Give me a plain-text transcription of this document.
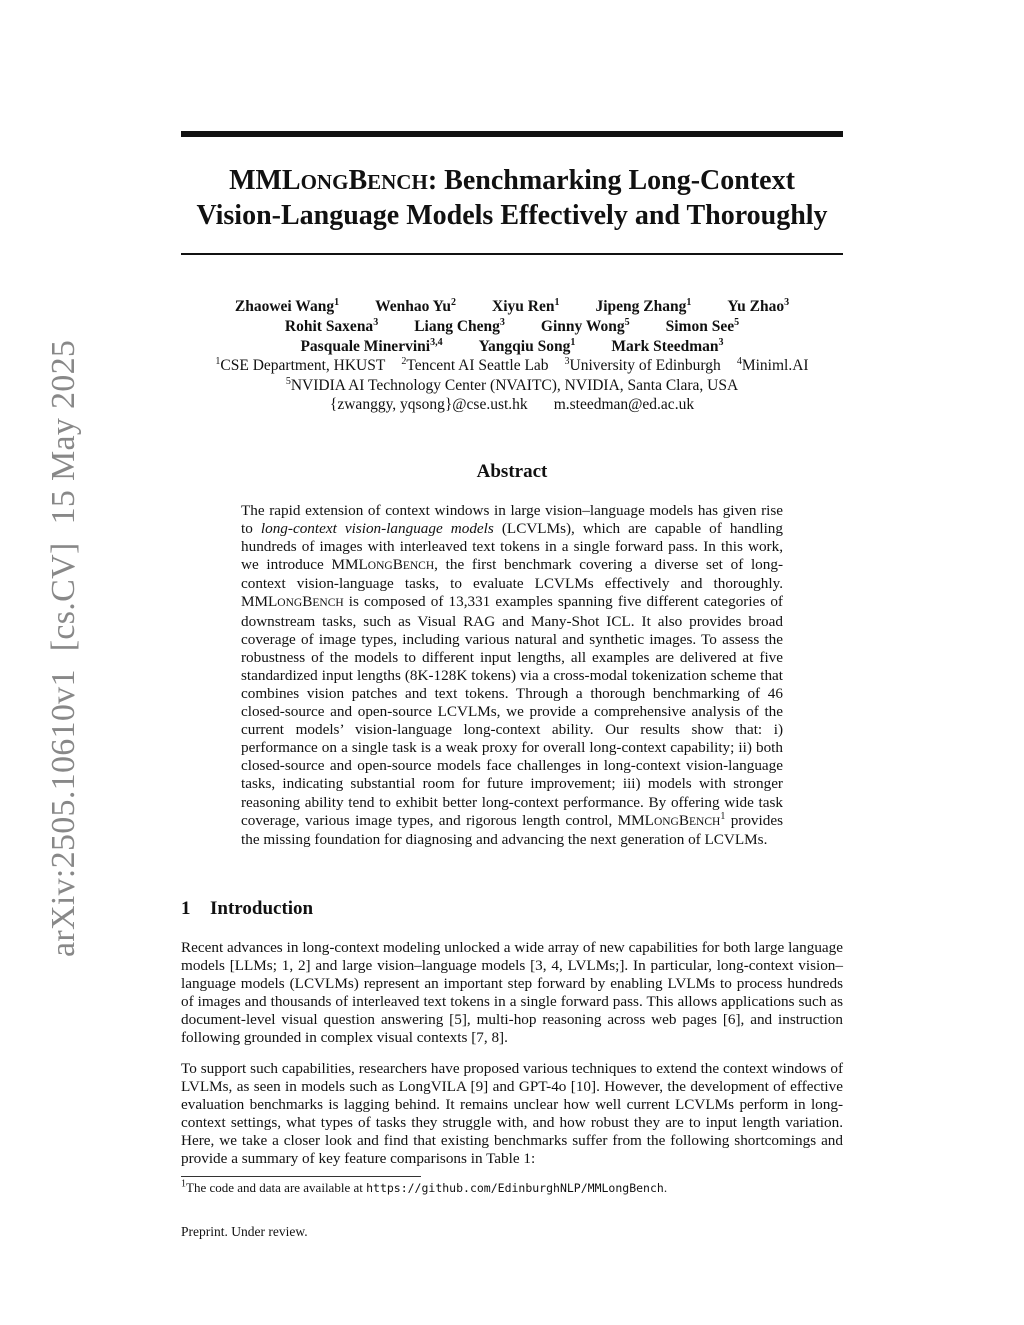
arXiv:2505.10610v1[cs.CV]15 May 2025
MMLONGBENCH: Benchmarking Long-Context
Vision-Language Models Effectively and Thoroughly
Zhaowei Wang$^1$ Wenhao Yu$^2$ Xiyu Ren$^1$ Jipeng Zhang$^1$ Yu Zhao$^3$
Rohit Saxena$^3$ Liang Cheng$^3$ Ginny Wong$^5$ Simon See$^5$
Pasquale Minervini$^{3,4}$ Yangqiu Song$^1$ Mark Steedman$^3$
$^1$CSE Department, HKUST $^2$Tencent AI Seattle Lab $^3$University of Edinburgh $^4$Miniml.AI
$^5$NVIDIA AI Technology Center (NVAITC), NVIDIA, Santa Clara, USA
{zwanggy, yqsong}@cse.ust.hk m.steedman@ed.ac.uk
Abstract
The rapid extension of context windows in large vision–language models has given rise to long-context vision-language models (LCVLMs), which are capable of handling hundreds of images with interleaved text tokens in a single forward pass. In this work, we introduce MMLONGBENCH, the first benchmark covering a diverse set of long-context vision-language tasks, to evaluate LCVLMs effectively and thoroughly. MMLONGBENCH is composed of 13,331 examples spanning five different categories of downstream tasks, such as Visual RAG and Many-Shot ICL. It also provides broad coverage of image types, including various natural and synthetic images. To assess the robustness of the models to different input lengths, all examples are delivered at five standardized input lengths (8K-128K tokens) via a cross-modal tokenization scheme that combines vision patches and text tokens. Through a thorough benchmarking of 46 closed-source and open-source LCVLMs, we provide a comprehensive analysis of the current models’ vision-language long-context ability. Our results show that: i) performance on a single task is a weak proxy for overall long-context capability; ii) both closed-source and open-source models face challenges in long-context vision-language tasks, indicating substantial room for future improvement; iii) models with stronger reasoning ability tend to exhibit better long-context performance. By offering wide task coverage, various image types, and rigorous length control, MMLONGBENCH$^1$ provides the missing foundation for diagnosing and advancing the next generation of LCVLMs.
1 Introduction
Recent advances in long-context modeling unlocked a wide array of new capabilities for both large language models [LLMs; 1, 2] and large vision–language models [3, 4, LVLMs;]. In particular, long-context vision–language models (LCVLMs) represent an important step forward by enabling LVLMs to process hundreds of images and thousands of interleaved text tokens in a single forward pass. This allows applications such as document-level visual question answering [5], multi-hop reasoning across web pages [6], and instruction following grounded in complex visual contexts [7, 8].
To support such capabilities, researchers have proposed various techniques to extend the context windows of LVLMs, as seen in models such as LongVILA [9] and GPT-4o [10]. However, the development of effective evaluation benchmarks is lagging behind. It remains unclear how well current LCVLMs perform in long-context settings, what types of tasks they struggle with, and how robust they are to input length variation. Here, we take a closer look and find that existing benchmarks suffer from the following shortcomings and provide a summary of key feature comparisons in Table 1:
$^1$The code and data are available at https://github.com/EdinburghNLP/MMLongBench.
Preprint. Under review.
